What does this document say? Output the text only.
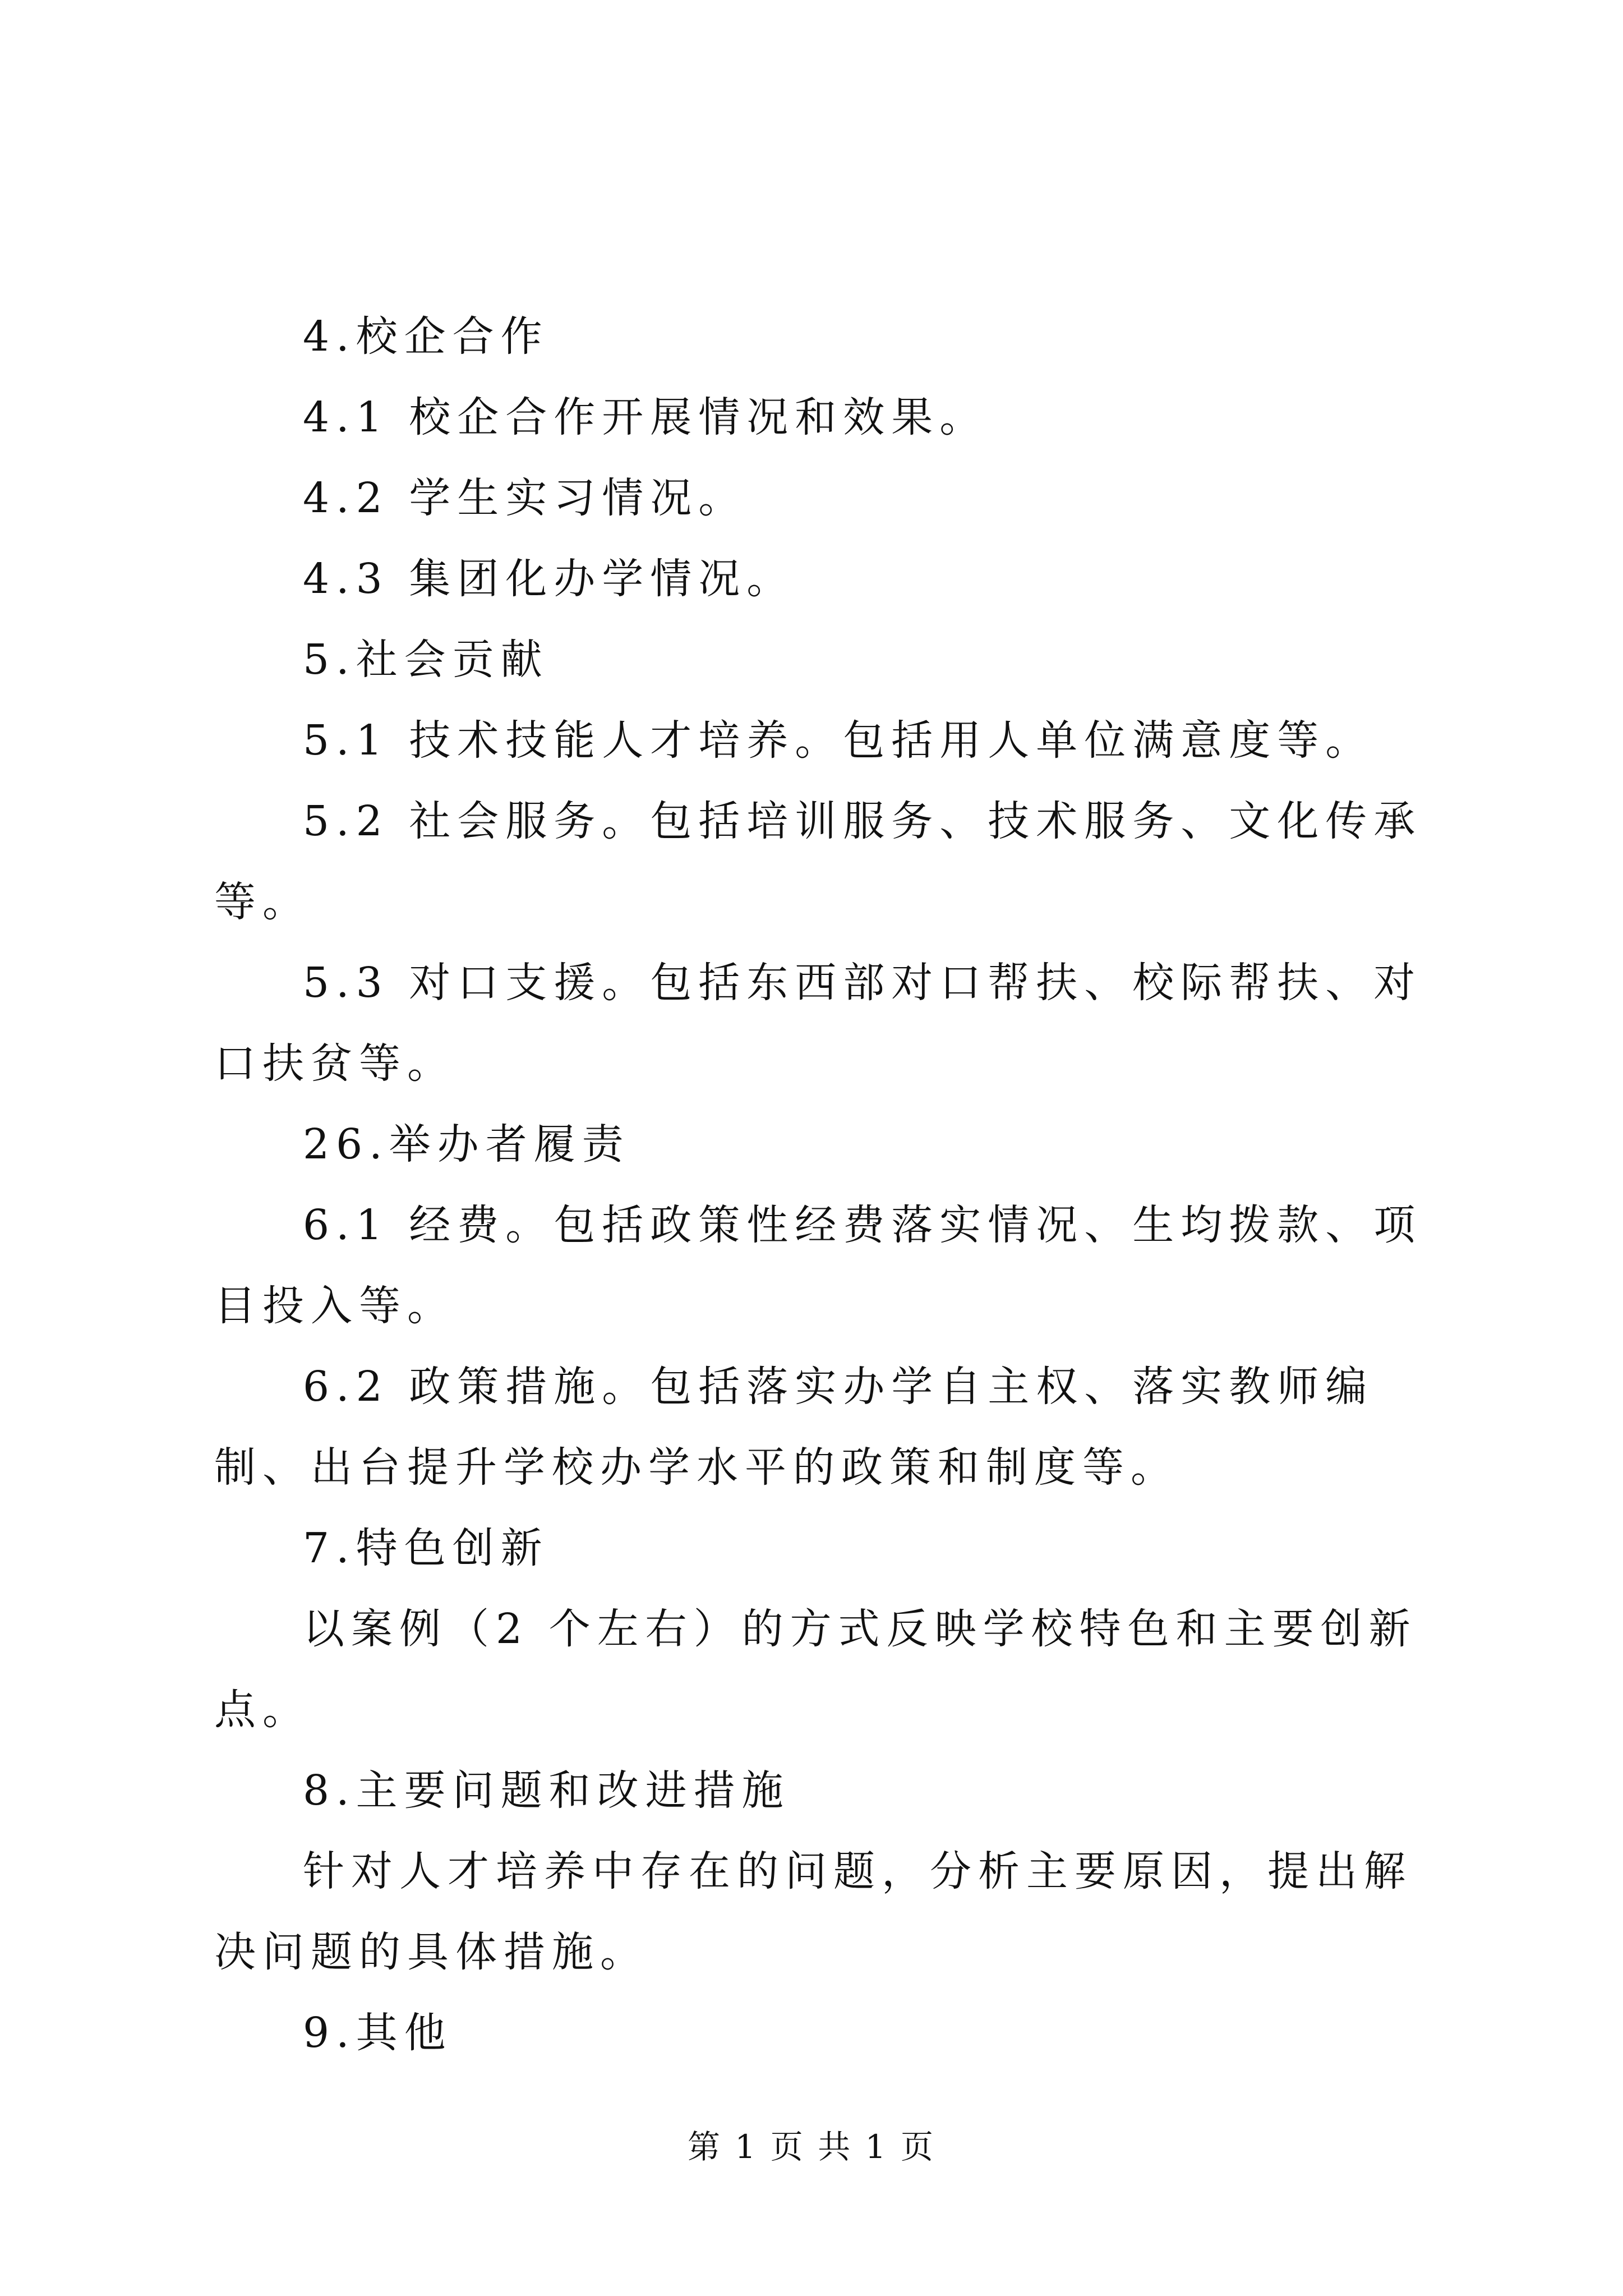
4.校企合作

4.1 校企合作开展情况和效果。

4.2 学生实习情况。

4.3 集团化办学情况。

5.社会贡献

5.1 技术技能人才培养。包括用人单位满意度等。

5.2 社会服务。包括培训服务、技术服务、文化传承等。

5.3 对口支援。包括东西部对口帮扶、校际帮扶、对口扶贫等。

26.举办者履责

6.1 经费。包括政策性经费落实情况、生均拨款、项目投入等。

6.2 政策措施。包括落实办学自主权、落实教师编制、出台提升学校办学水平的政策和制度等。

7.特色创新

以案例（2 个左右）的方式反映学校特色和主要创新点。

8.主要问题和改进措施

针对人才培养中存在的问题，分析主要原因，提出解决问题的具体措施。

9.其他

第 1 页 共 1 页
